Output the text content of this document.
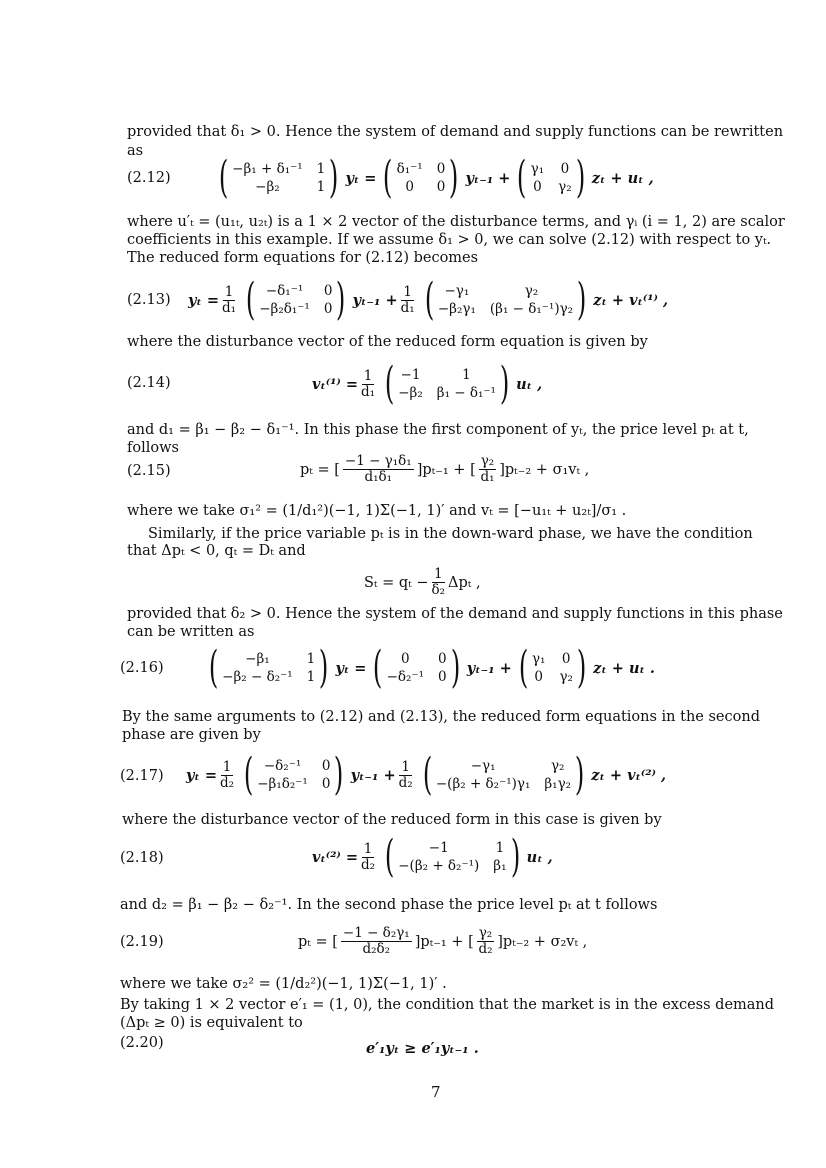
provided that δ₁ > 0. Hence the system of demand and supply functions can be rewritten
as
(2.12) ( −β₁ + δ₁⁻¹ 1
−β₂	1 ) yₜ = ( δ₁⁻¹ 0
0	0 ) yₜ₋₁ + ( γ₁ 0
0 γ₂ ) zₜ + uₜ ,
where u′ₜ = (u₁ₜ, u₂ₜ) is a 1 × 2 vector of the disturbance terms, and γᵢ (i = 1, 2) are scalor
coefficients in this example. If we assume δ₁ > 0, we can solve (2.12) with respect to yₜ.
The reduced form equations for (2.12) becomes
(2.13) $y_t = \frac{1}{\text{d₁}}$ ( −δ₁⁻¹	0
−β₂δ₁⁻¹ 0 ) $y_{t-1} + \frac{1}{\text{d₁}}$ ( −γ₁	γ₂
−β₂γ₁ (β₁ − δ₁⁻¹)γ₂ ) zₜ + vₜ⁽¹⁾ ,
where the disturbance vector of the reduced form equation is given by
(2.14)	$v_t^{(1)} = \frac{1}{\text{d₁}}$ ( −1	1
−β₂ β₁ − δ₁⁻¹ ) uₜ ,
and d₁ = β₁ − β₂ − δ₁⁻¹. In this phase the first component of yₜ, the price level pₜ at t,
follows
(2.15)	pₜ = [ $\frac{\text{−1 − γ₁δ₁}}{\text{d₁δ₁}} ]p_{t-1}$ + [ $\frac{\text{γ₂}}{\text{d₁}} ]p_{t-2} + \sigma_1v_t$ ,
where we take σ₁² = (1/d₁²)(−1, 1)Σ(−1, 1)′ and vₜ = [−u₁ₜ + u₂ₜ]/σ₁ .
Similarly, if the price variable pₜ is in the down-ward phase, we have the condition
that Δpₜ < 0, qₜ = Dₜ and
$S_t = q_t - \frac{1}{\text{δ₂}}$ Δpₜ ,
provided that δ₂ > 0. Hence the system of the demand and supply functions in this phase
can be written as
(2.16) (	−β₁	1
−β₂ − δ₂⁻¹ 1 ) yₜ = (	0	0
−δ₂⁻¹ 0 ) yₜ₋₁ + ( γ₁ 0
0 γ₂ ) zₜ + uₜ .
By the same arguments to (2.12) and (2.13), the reduced form equations in the second
phase are given by
(2.17) $y_t = \frac{1}{\text{d₂}}$ ( −δ₂⁻¹	0
−β₁δ₂⁻¹ 0 ) $y_{t-1} + \frac{1}{\text{d₂}}$ (	−γ₁	γ₂
−(β₂ + δ₂⁻¹)γ₁ β₁γ₂ ) zₜ + vₜ⁽²⁾ ,
where the disturbance vector of the reduced form in this case is given by
(2.18)	$v_t^{(2)} = \frac{1}{\text{d₂}}$ (	−1	1
−(β₂ + δ₂⁻¹) β₁ ) uₜ ,
and d₂ = β₁ − β₂ − δ₂⁻¹. In the second phase the price level pₜ at t follows
(2.19)	pₜ = [ $\frac{\text{−1 − δ₂γ₁}}{\text{d₂δ₂}} ]p_{t-1}$ + [ $\frac{\text{γ₂}}{\text{d₂}} ]p_{t-2} + \sigma_2v_t$ ,
where we take σ₂² = (1/d₂²)(−1, 1)Σ(−1, 1)′ .
By taking 1 × 2 vector e′₁ = (1, 0), the condition that the market is in the excess demand
(Δpₜ ≥ 0) is equivalent to
(2.20)	e′₁yₜ ≥ e′₁yₜ₋₁ .
7
